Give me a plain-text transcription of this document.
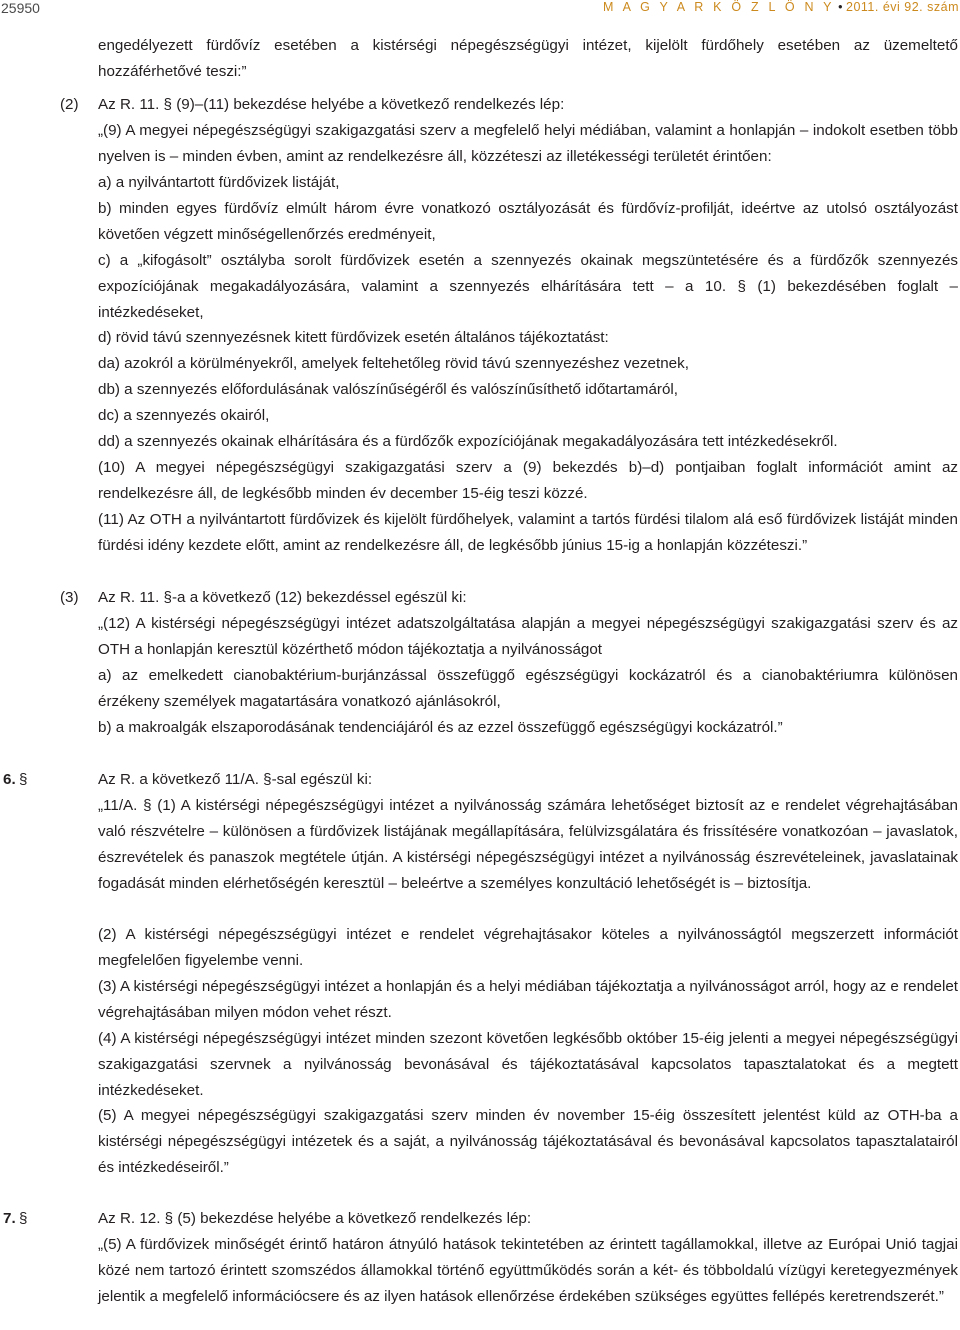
25950	M A G Y A R K Ö Z L Ö N Y • 2011. évi 92. szám

engedélyezett fürdővíz esetében a kistérségi népegészségügyi intézet, kijelölt fürdőhely esetében az üzemeltető hozzáférhetővé teszi:”

(2) Az R. 11. § (9)–(11) bekezdése helyébe a következő rendelkezés lép:

„(9) A megyei népegészségügyi szakigazgatási szerv a megfelelő helyi médiában, valamint a honlapján – indokolt esetben több nyelven is – minden évben, amint az rendelkezésre áll, közzéteszi az illetékességi területét érintően:

a) a nyilvántartott fürdővizek listáját,

b) minden egyes fürdővíz elmúlt három évre vonatkozó osztályozását és fürdővíz-profilját, ideértve az utolsó osztályozást követően végzett minőségellenőrzés eredményeit,

c) a „kifogásolt” osztályba sorolt fürdővizek esetén a szennyezés okainak megszüntetésére és a fürdőzők szennyezés expozíciójának megakadályozására, valamint a szennyezés elhárítására tett – a 10. § (1) bekezdésében foglalt – intézkedéseket,

d) rövid távú szennyezésnek kitett fürdővizek esetén általános tájékoztatást:

da) azokról a körülményekről, amelyek feltehetőleg rövid távú szennyezéshez vezetnek,

db) a szennyezés előfordulásának valószínűségéről és valószínűsíthető időtartamáról,

dc) a szennyezés okairól,

dd) a szennyezés okainak elhárítására és a fürdőzők expozíciójának megakadályozására tett intézkedésekről.

(10) A megyei népegészségügyi szakigazgatási szerv a (9) bekezdés b)–d) pontjaiban foglalt információt amint az rendelkezésre áll, de legkésőbb minden év december 15-éig teszi közzé.

(11) Az OTH a nyilvántartott fürdővizek és kijelölt fürdőhelyek, valamint a tartós fürdési tilalom alá eső fürdővizek listáját minden fürdési idény kezdete előtt, amint az rendelkezésre áll, de legkésőbb június 15-ig a honlapján közzéteszi.”

(3) Az R. 11. §-a a következő (12) bekezdéssel egészül ki:

„(12) A kistérségi népegészségügyi intézet adatszolgáltatása alapján a megyei népegészségügyi szakigazgatási szerv és az OTH a honlapján keresztül közérthető módon tájékoztatja a nyilvánosságot

a) az emelkedett cianobaktérium-burjánzással összefüggő egészségügyi kockázatról és a cianobaktériumra különösen érzékeny személyek magatartására vonatkozó ajánlásokról,

b) a makroalgák elszaporodásának tendenciájáról és az ezzel összefüggő egészségügyi kockázatról.”

6. §	Az R. a következő 11/A. §-sal egészül ki:

„11/A. § (1) A kistérségi népegészségügyi intézet a nyilvánosság számára lehetőséget biztosít az e rendelet végrehajtásában való részvételre – különösen a fürdővizek listájának megállapítására, felülvizsgálatára és frissítésére vonatkozóan – javaslatok, észrevételek és panaszok megtétele útján. A kistérségi népegészségügyi intézet a nyilvánosság észrevételeinek, javaslatainak fogadását minden elérhetőségén keresztül – beleértve a személyes konzultáció lehetőségét is – biztosítja.

(2) A kistérségi népegészségügyi intézet e rendelet végrehajtásakor köteles a nyilvánosságtól megszerzett információt megfelelően figyelembe venni.

(3) A kistérségi népegészségügyi intézet a honlapján és a helyi médiában tájékoztatja a nyilvánosságot arról, hogy az e rendelet végrehajtásában milyen módon vehet részt.

(4) A kistérségi népegészségügyi intézet minden szezont követően legkésőbb október 15-éig jelenti a megyei népegészségügyi szakigazgatási szervnek a nyilvánosság bevonásával és tájékoztatásával kapcsolatos tapasztalatokat és a megtett intézkedéseket.

(5) A megyei népegészségügyi szakigazgatási szerv minden év november 15-éig összesített jelentést küld az OTH-ba a kistérségi népegészségügyi intézetek és a saját, a nyilvánosság tájékoztatásával és bevonásával kapcsolatos tapasztalatairól és intézkedéseiről.”

7. §	Az R. 12. § (5) bekezdése helyébe a következő rendelkezés lép:

„(5) A fürdővizek minőségét érintő határon átnyúló hatások tekintetében az érintett tagállamokkal, illetve az Európai Unió tagjai közé nem tartozó érintett szomszédos államokkal történő együttműködés során a két- és többoldalú vízügyi keretegyezmények jelentik a megfelelő információcsere és az ilyen hatások ellenőrzése érdekében szükséges együttes fellépés keretrendszerét.”
